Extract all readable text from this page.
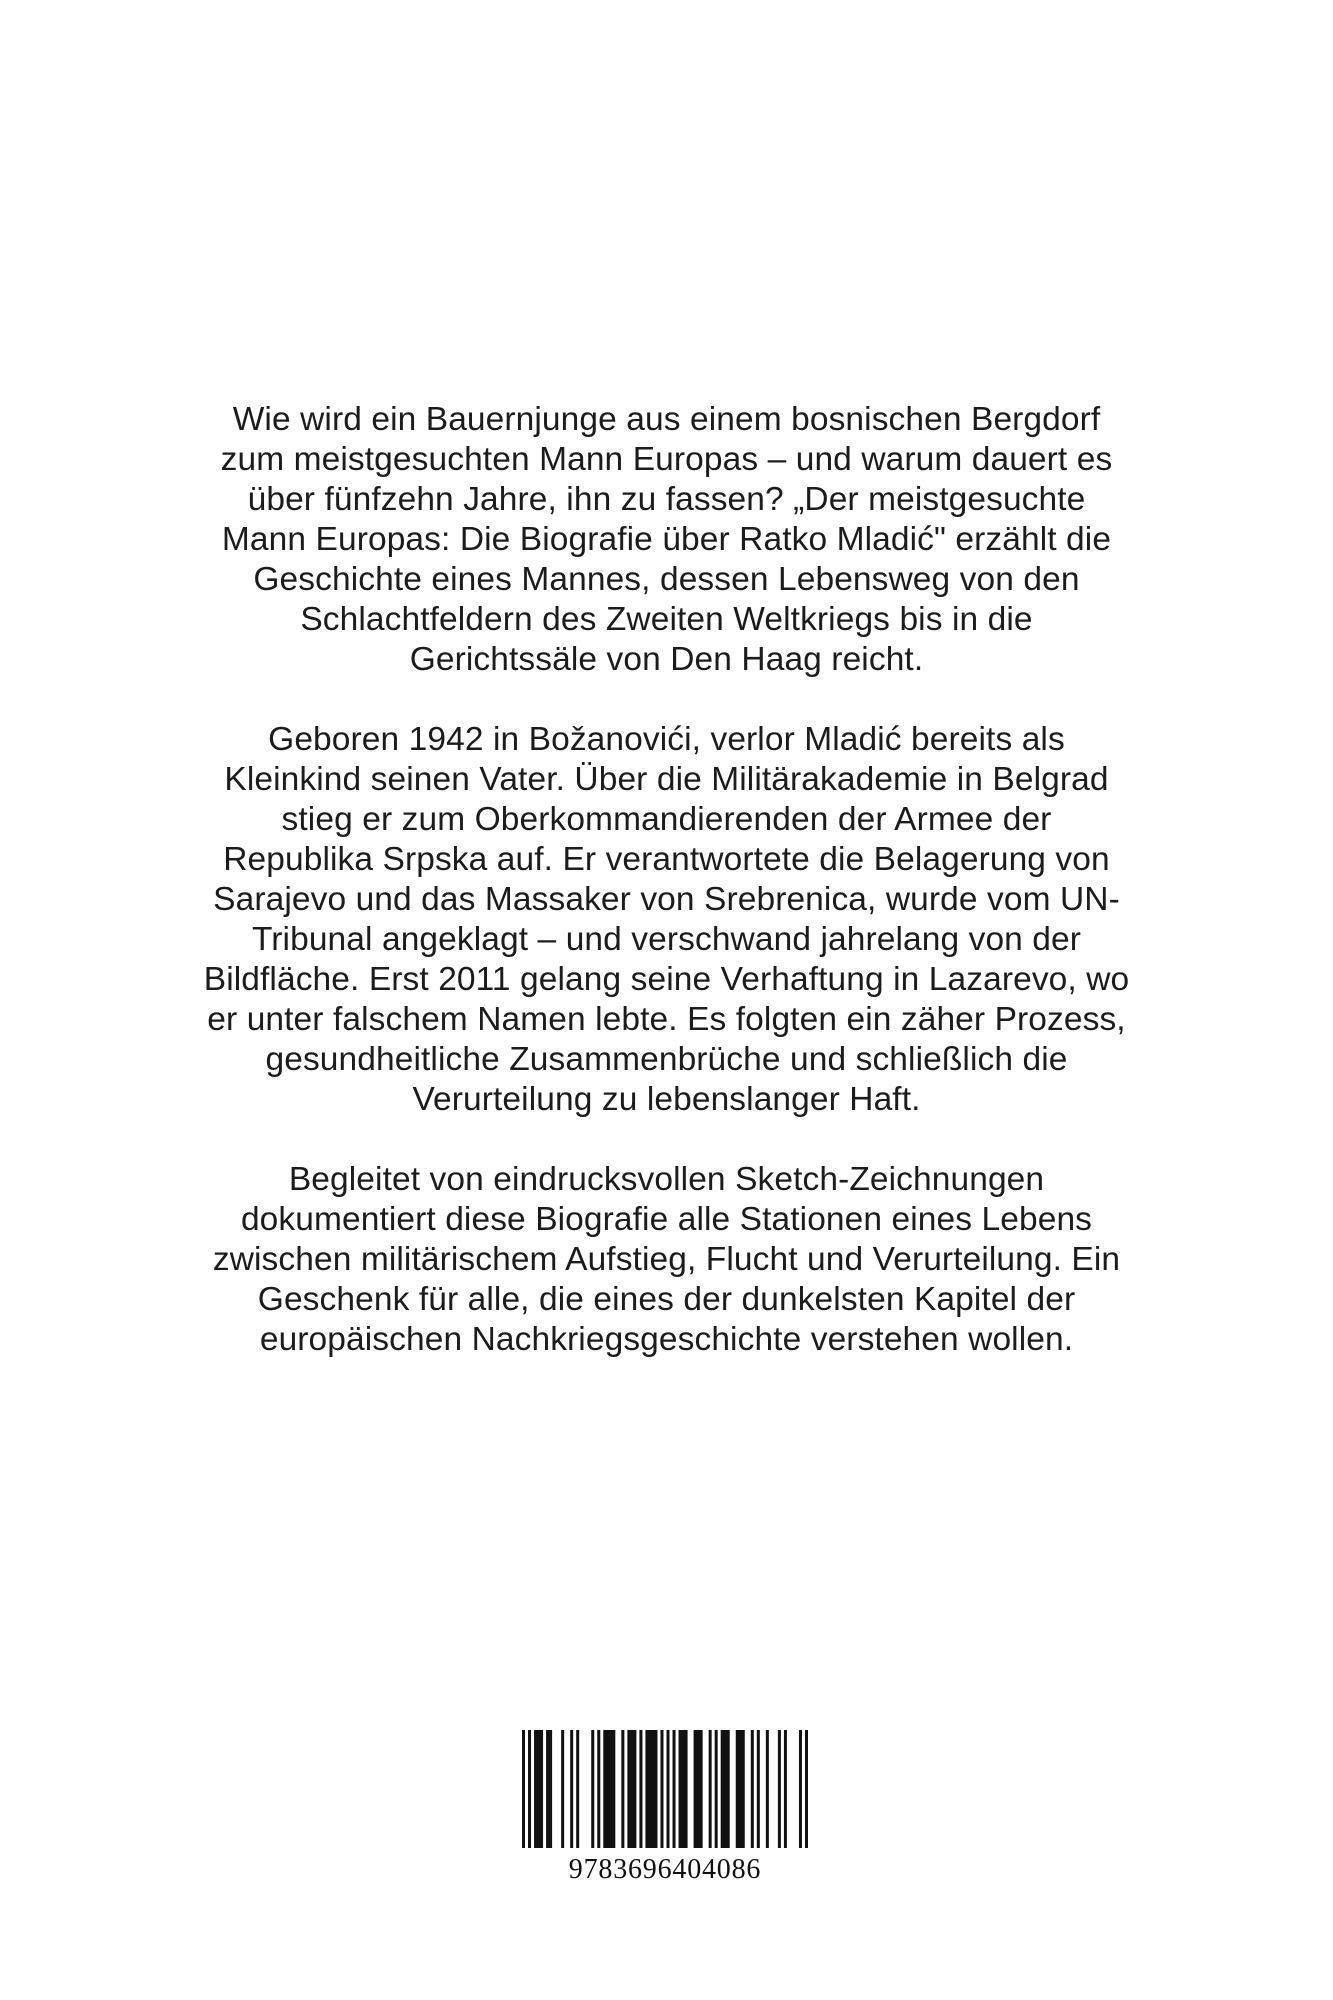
Wie wird ein Bauernjunge aus einem bosnischen Bergdorf
zum meistgesuchten Mann Europas – und warum dauert es
über fünfzehn Jahre, ihn zu fassen? „Der meistgesuchte
Mann Europas: Die Biografie über Ratko Mladić" erzählt die
Geschichte eines Mannes, dessen Lebensweg von den
Schlachtfeldern des Zweiten Weltkriegs bis in die
Gerichtssäle von Den Haag reicht.
Geboren 1942 in Božanovići, verlor Mladić bereits als
Kleinkind seinen Vater. Über die Militärakademie in Belgrad
stieg er zum Oberkommandierenden der Armee der
Republika Srpska auf. Er verantwortete die Belagerung von
Sarajevo und das Massaker von Srebrenica, wurde vom UN-
Tribunal angeklagt – und verschwand jahrelang von der
Bildfläche. Erst 2011 gelang seine Verhaftung in Lazarevo, wo
er unter falschem Namen lebte. Es folgten ein zäher Prozess,
gesundheitliche Zusammenbrüche und schließlich die
Verurteilung zu lebenslanger Haft.
Begleitet von eindrucksvollen Sketch-Zeichnungen
dokumentiert diese Biografie alle Stationen eines Lebens
zwischen militärischem Aufstieg, Flucht und Verurteilung. Ein
Geschenk für alle, die eines der dunkelsten Kapitel der
europäischen Nachkriegsgeschichte verstehen wollen.
9783696404086
